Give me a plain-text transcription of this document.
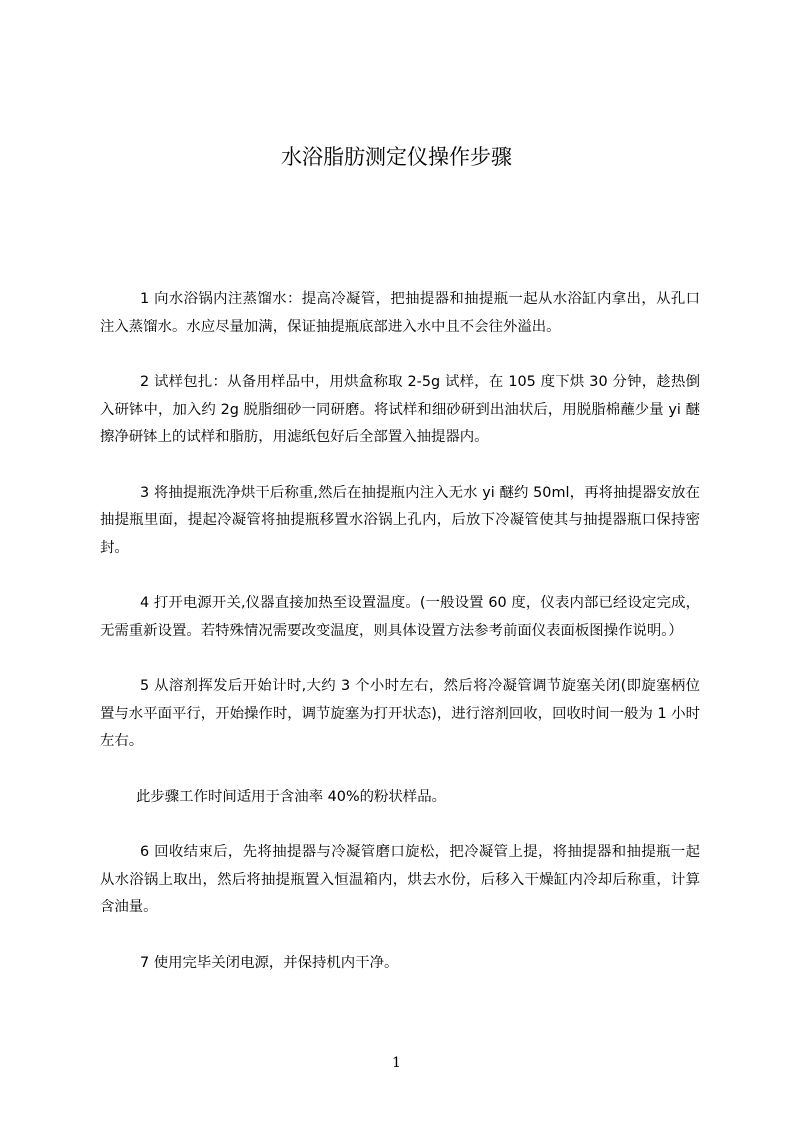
水浴脂肪测定仪操作步骤

1 向水浴锅内注蒸馏水：提高冷凝管，把抽提器和抽提瓶一起从水浴缸内拿出，从孔口注入蒸馏水。水应尽量加满，保证抽提瓶底部进入水中且不会往外溢出。

2 试样包扎：从备用样品中，用烘盒称取 2-5g 试样，在 105 度下烘 30 分钟，趁热倒入研钵中，加入约 2g 脱脂细砂一同研磨。将试样和细砂研到出油状后，用脱脂棉蘸少量 yi 醚擦净研钵上的试样和脂肪，用滤纸包好后全部置入抽提器内。

3 将抽提瓶洗净烘干后称重,然后在抽提瓶内注入无水 yi 醚约 50ml，再将抽提器安放在抽提瓶里面，提起冷凝管将抽提瓶移置水浴锅上孔内，后放下冷凝管使其与抽提器瓶口保持密封。

4 打开电源开关,仪器直接加热至设置温度。(一般设置 60 度，仪表内部已经设定完成，无需重新设置。若特殊情况需要改变温度，则具体设置方法参考前面仪表面板图操作说明。）

5 从溶剂挥发后开始计时,大约 3 个小时左右，然后将冷凝管调节旋塞关闭(即旋塞柄位置与水平面平行，开始操作时，调节旋塞为打开状态)，进行溶剂回收，回收时间一般为 1 小时左右。

此步骤工作时间适用于含油率 40%的粉状样品。

6 回收结束后，先将抽提器与冷凝管磨口旋松，把冷凝管上提，将抽提器和抽提瓶一起从水浴锅上取出，然后将抽提瓶置入恒温箱内，烘去水份，后移入干燥缸内冷却后称重，计算含油量。

7 使用完毕关闭电源，并保持机内干净。

1
